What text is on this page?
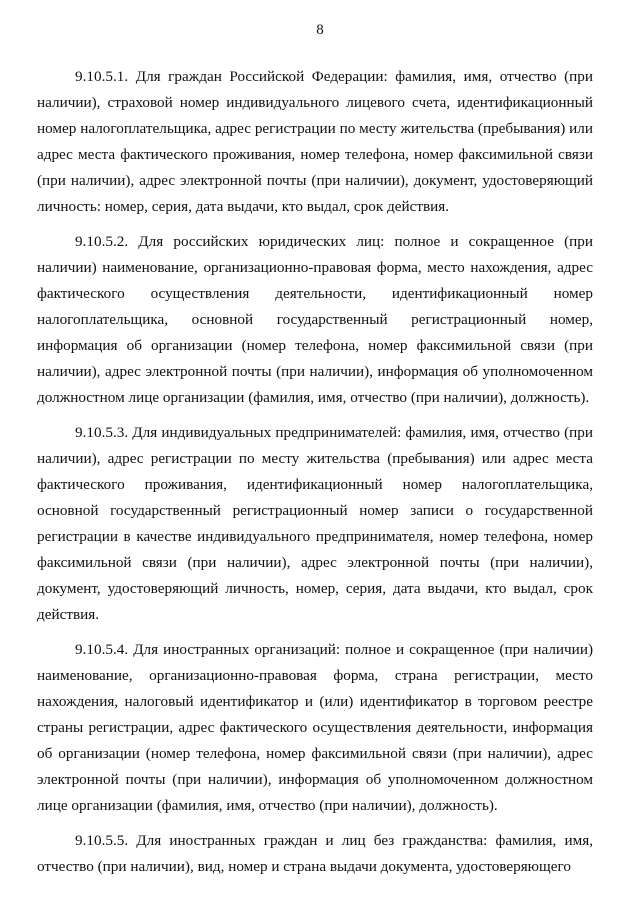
8

9.10.5.1. Для граждан Российской Федерации: фамилия, имя, отчество (при наличии), страховой номер индивидуального лицевого счета, идентификационный номер налогоплательщика, адрес регистрации по месту жительства (пребывания) или адрес места фактического проживания, номер телефона, номер факсимильной связи (при наличии), адрес электронной почты (при наличии), документ, удостоверяющий личность: номер, серия, дата выдачи, кто выдал, срок действия.

9.10.5.2. Для российских юридических лиц: полное и сокращенное (при наличии) наименование, организационно-правовая форма, место нахождения, адрес фактического осуществления деятельности, идентификационный номер налогоплательщика, основной государственный регистрационный номер, информация об организации (номер телефона, номер факсимильной связи (при наличии), адрес электронной почты (при наличии), информация об уполномоченном должностном лице организации (фамилия, имя, отчество (при наличии), должность).

9.10.5.3. Для индивидуальных предпринимателей: фамилия, имя, отчество (при наличии), адрес регистрации по месту жительства (пребывания) или адрес места фактического проживания, идентификационный номер налогоплательщика, основной государственный регистрационный номер записи о государственной регистрации в качестве индивидуального предпринимателя, номер телефона, номер факсимильной связи (при наличии), адрес электронной почты (при наличии), документ, удостоверяющий личность, номер, серия, дата выдачи, кто выдал, срок действия.

9.10.5.4. Для иностранных организаций: полное и сокращенное (при наличии) наименование, организационно-правовая форма, страна регистрации, место нахождения, налоговый идентификатор и (или) идентификатор в торговом реестре страны регистрации, адрес фактического осуществления деятельности, информация об организации (номер телефона, номер факсимильной связи (при наличии), адрес электронной почты (при наличии), информация об уполномоченном должностном лице организации (фамилия, имя, отчество (при наличии), должность).

9.10.5.5. Для иностранных граждан и лиц без гражданства: фамилия, имя, отчество (при наличии), вид, номер и страна выдачи документа, удостоверяющего
